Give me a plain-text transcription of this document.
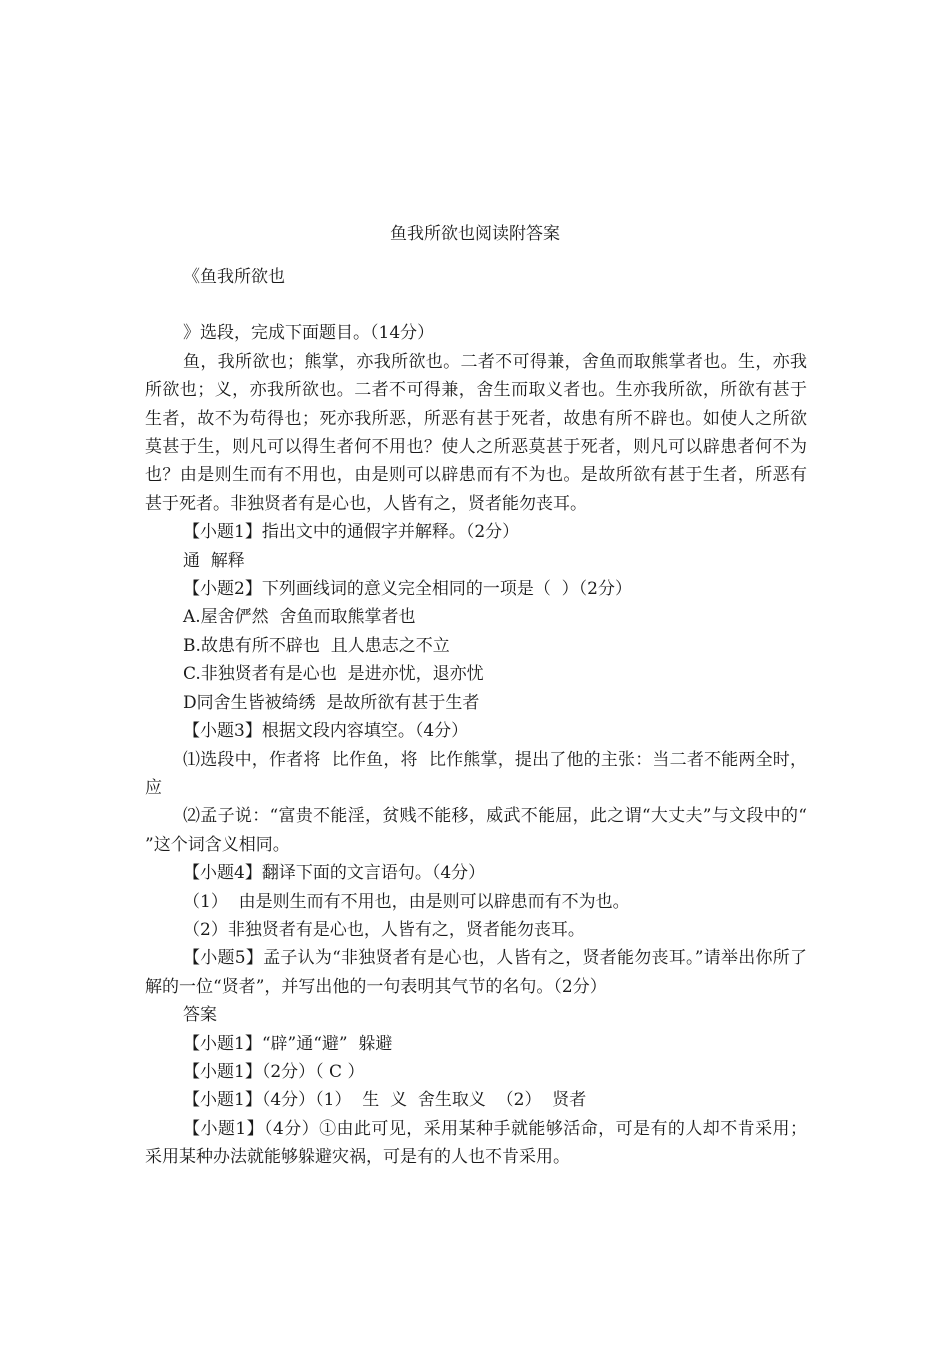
鱼我所欲也阅读附答案

《鱼我所欲也

》选段，完成下面题目。（14分）

鱼，我所欲也；熊掌，亦我所欲也。二者不可得兼，舍鱼而取熊掌者也。生，亦我所欲也；义，亦我所欲也。二者不可得兼，舍生而取义者也。生亦我所欲，所欲有甚于生者，故不为苟得也；死亦我所恶，所恶有甚于死者，故患有所不辟也。如使人之所欲莫甚于生，则凡可以得生者何不用也？使人之所恶莫甚于死者，则凡可以辟患者何不为也？由是则生而有不用也，由是则可以辟患而有不为也。是故所欲有甚于生者，所恶有甚于死者。非独贤者有是心也，人皆有之，贤者能勿丧耳。

【小题1】指出文中的通假字并解释。（2分）

通  解释

【小题2】下列画线词的意义完全相同的一项是（  ）（2分）

A.屋舍俨然  舍鱼而取熊掌者也

B.故患有所不辟也  且人患志之不立

C.非独贤者有是心也  是进亦忧，退亦忧

D同舍生皆被绮绣  是故所欲有甚于生者

【小题3】根据文段内容填空。（4分）

⑴选段中，作者将  比作鱼，将  比作熊掌，提出了他的主张：当二者不能两全时，应

⑵孟子说：“富贵不能淫，贫贱不能移，威武不能屈，此之谓“大丈夫”与文段中的“  ”这个词含义相同。

【小题4】翻译下面的文言语句。（4分）

（1）  由是则生而有不用也，由是则可以辟患而有不为也。

（2）非独贤者有是心也，人皆有之，贤者能勿丧耳。

【小题5】孟子认为“非独贤者有是心也，人皆有之，贤者能勿丧耳。”请举出你所了解的一位“贤者”，并写出他的一句表明其气节的名句。（2分）

答案

【小题1】“辟”通“避”  躲避

【小题1】（2分）（ C ）

【小题1】（4分）（1）  生  义  舍生取义  （2）  贤者

【小题1】（4分）①由此可见，采用某种手就能够活命，可是有的人却不肯采用；采用某种办法就能够躲避灾祸，可是有的人也不肯采用。
